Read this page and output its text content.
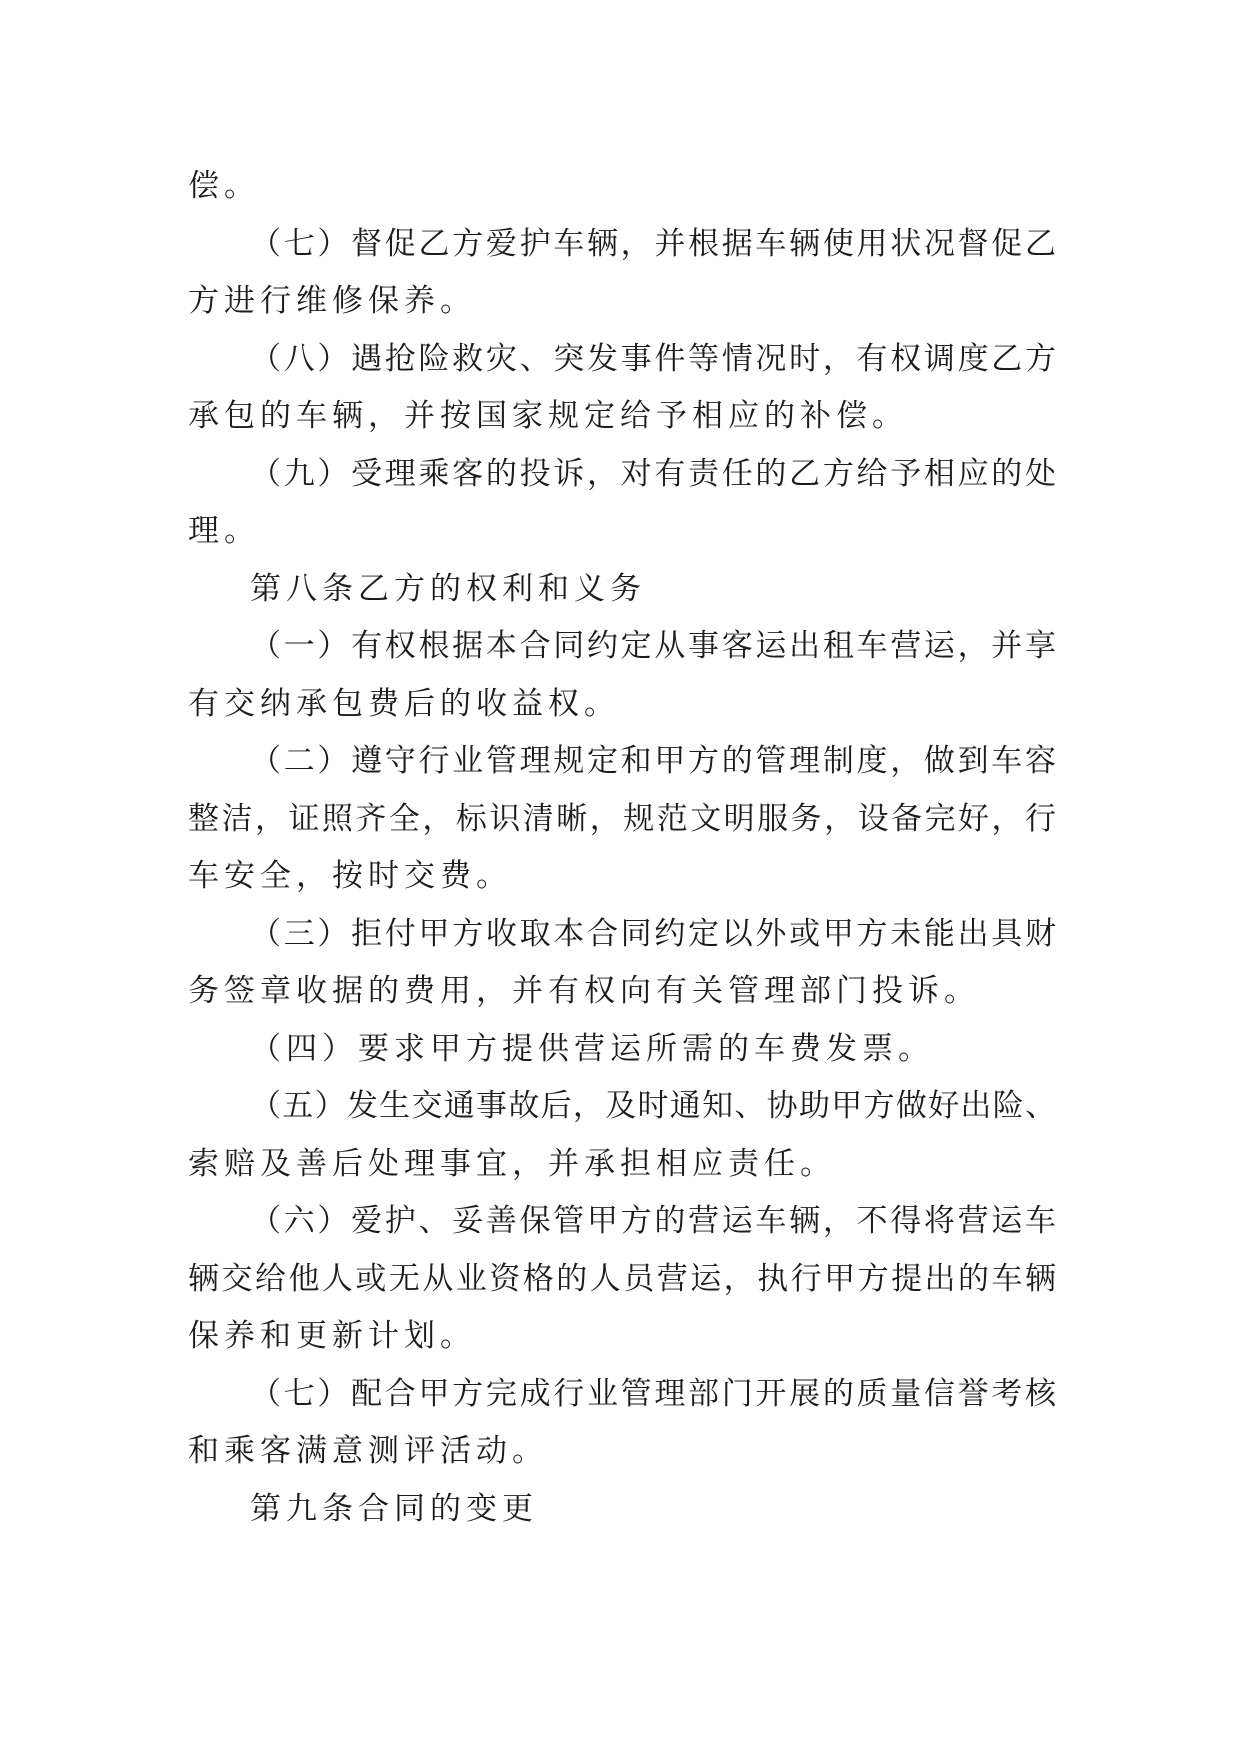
偿。
（七）督促乙方爱护车辆，并根据车辆使用状况督促乙
方进行维修保养。
（八）遇抢险救灾、突发事件等情况时，有权调度乙方
承包的车辆，并按国家规定给予相应的补偿。
（九）受理乘客的投诉，对有责任的乙方给予相应的处
理。
第八条乙方的权利和义务
（一）有权根据本合同约定从事客运出租车营运，并享
有交纳承包费后的收益权。
（二）遵守行业管理规定和甲方的管理制度，做到车容
整洁，证照齐全，标识清晰，规范文明服务，设备完好，行
车安全，按时交费。
（三）拒付甲方收取本合同约定以外或甲方未能出具财
务签章收据的费用，并有权向有关管理部门投诉。
（四）要求甲方提供营运所需的车费发票。
（五）发生交通事故后，及时通知、协助甲方做好出险、
索赔及善后处理事宜，并承担相应责任。
（六）爱护、妥善保管甲方的营运车辆，不得将营运车
辆交给他人或无从业资格的人员营运，执行甲方提出的车辆
保养和更新计划。
（七）配合甲方完成行业管理部门开展的质量信誉考核
和乘客满意测评活动。
第九条合同的变更
